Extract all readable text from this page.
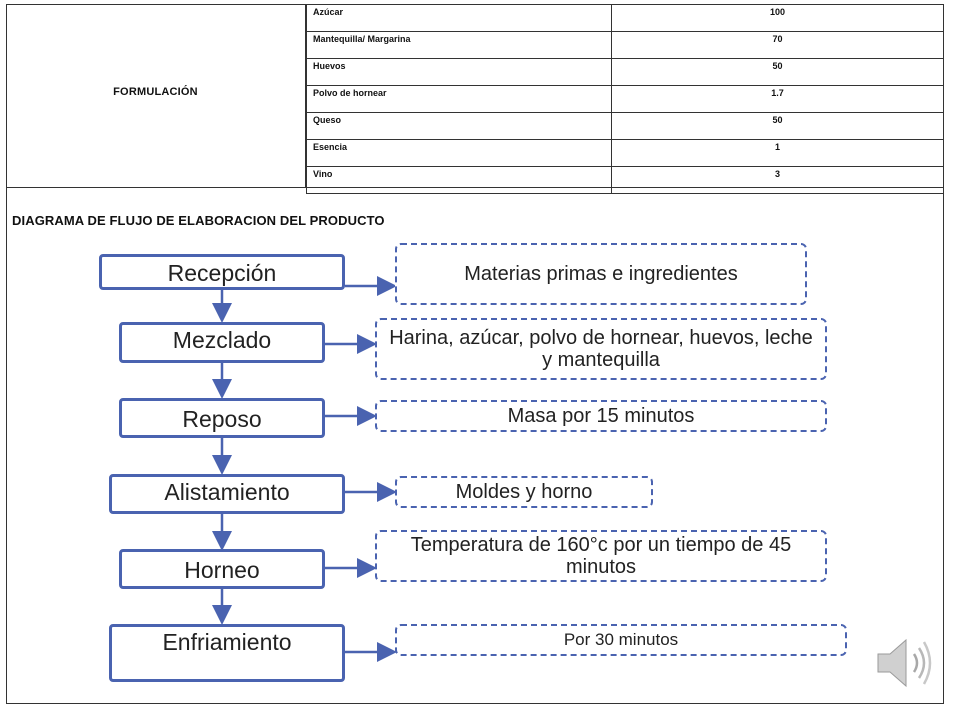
FORMULACIÓN
Azúcar	100
Mantequilla/ Margarina	70
Huevos	50
Polvo de hornear	1.7
Queso	50
Esencia	1
Vino	3
DIAGRAMA DE FLUJO DE ELABORACION DEL PRODUCTO
Recepción
Mezclado
Reposo
Alistamiento
Horneo
Enfriamiento
Materias primas e ingredientes
Harina, azúcar, polvo de hornear, huevos, leche y mantequilla
Masa por 15 minutos
Moldes y horno
Temperatura de 160°c por un tiempo de 45 minutos
Por 30 minutos
